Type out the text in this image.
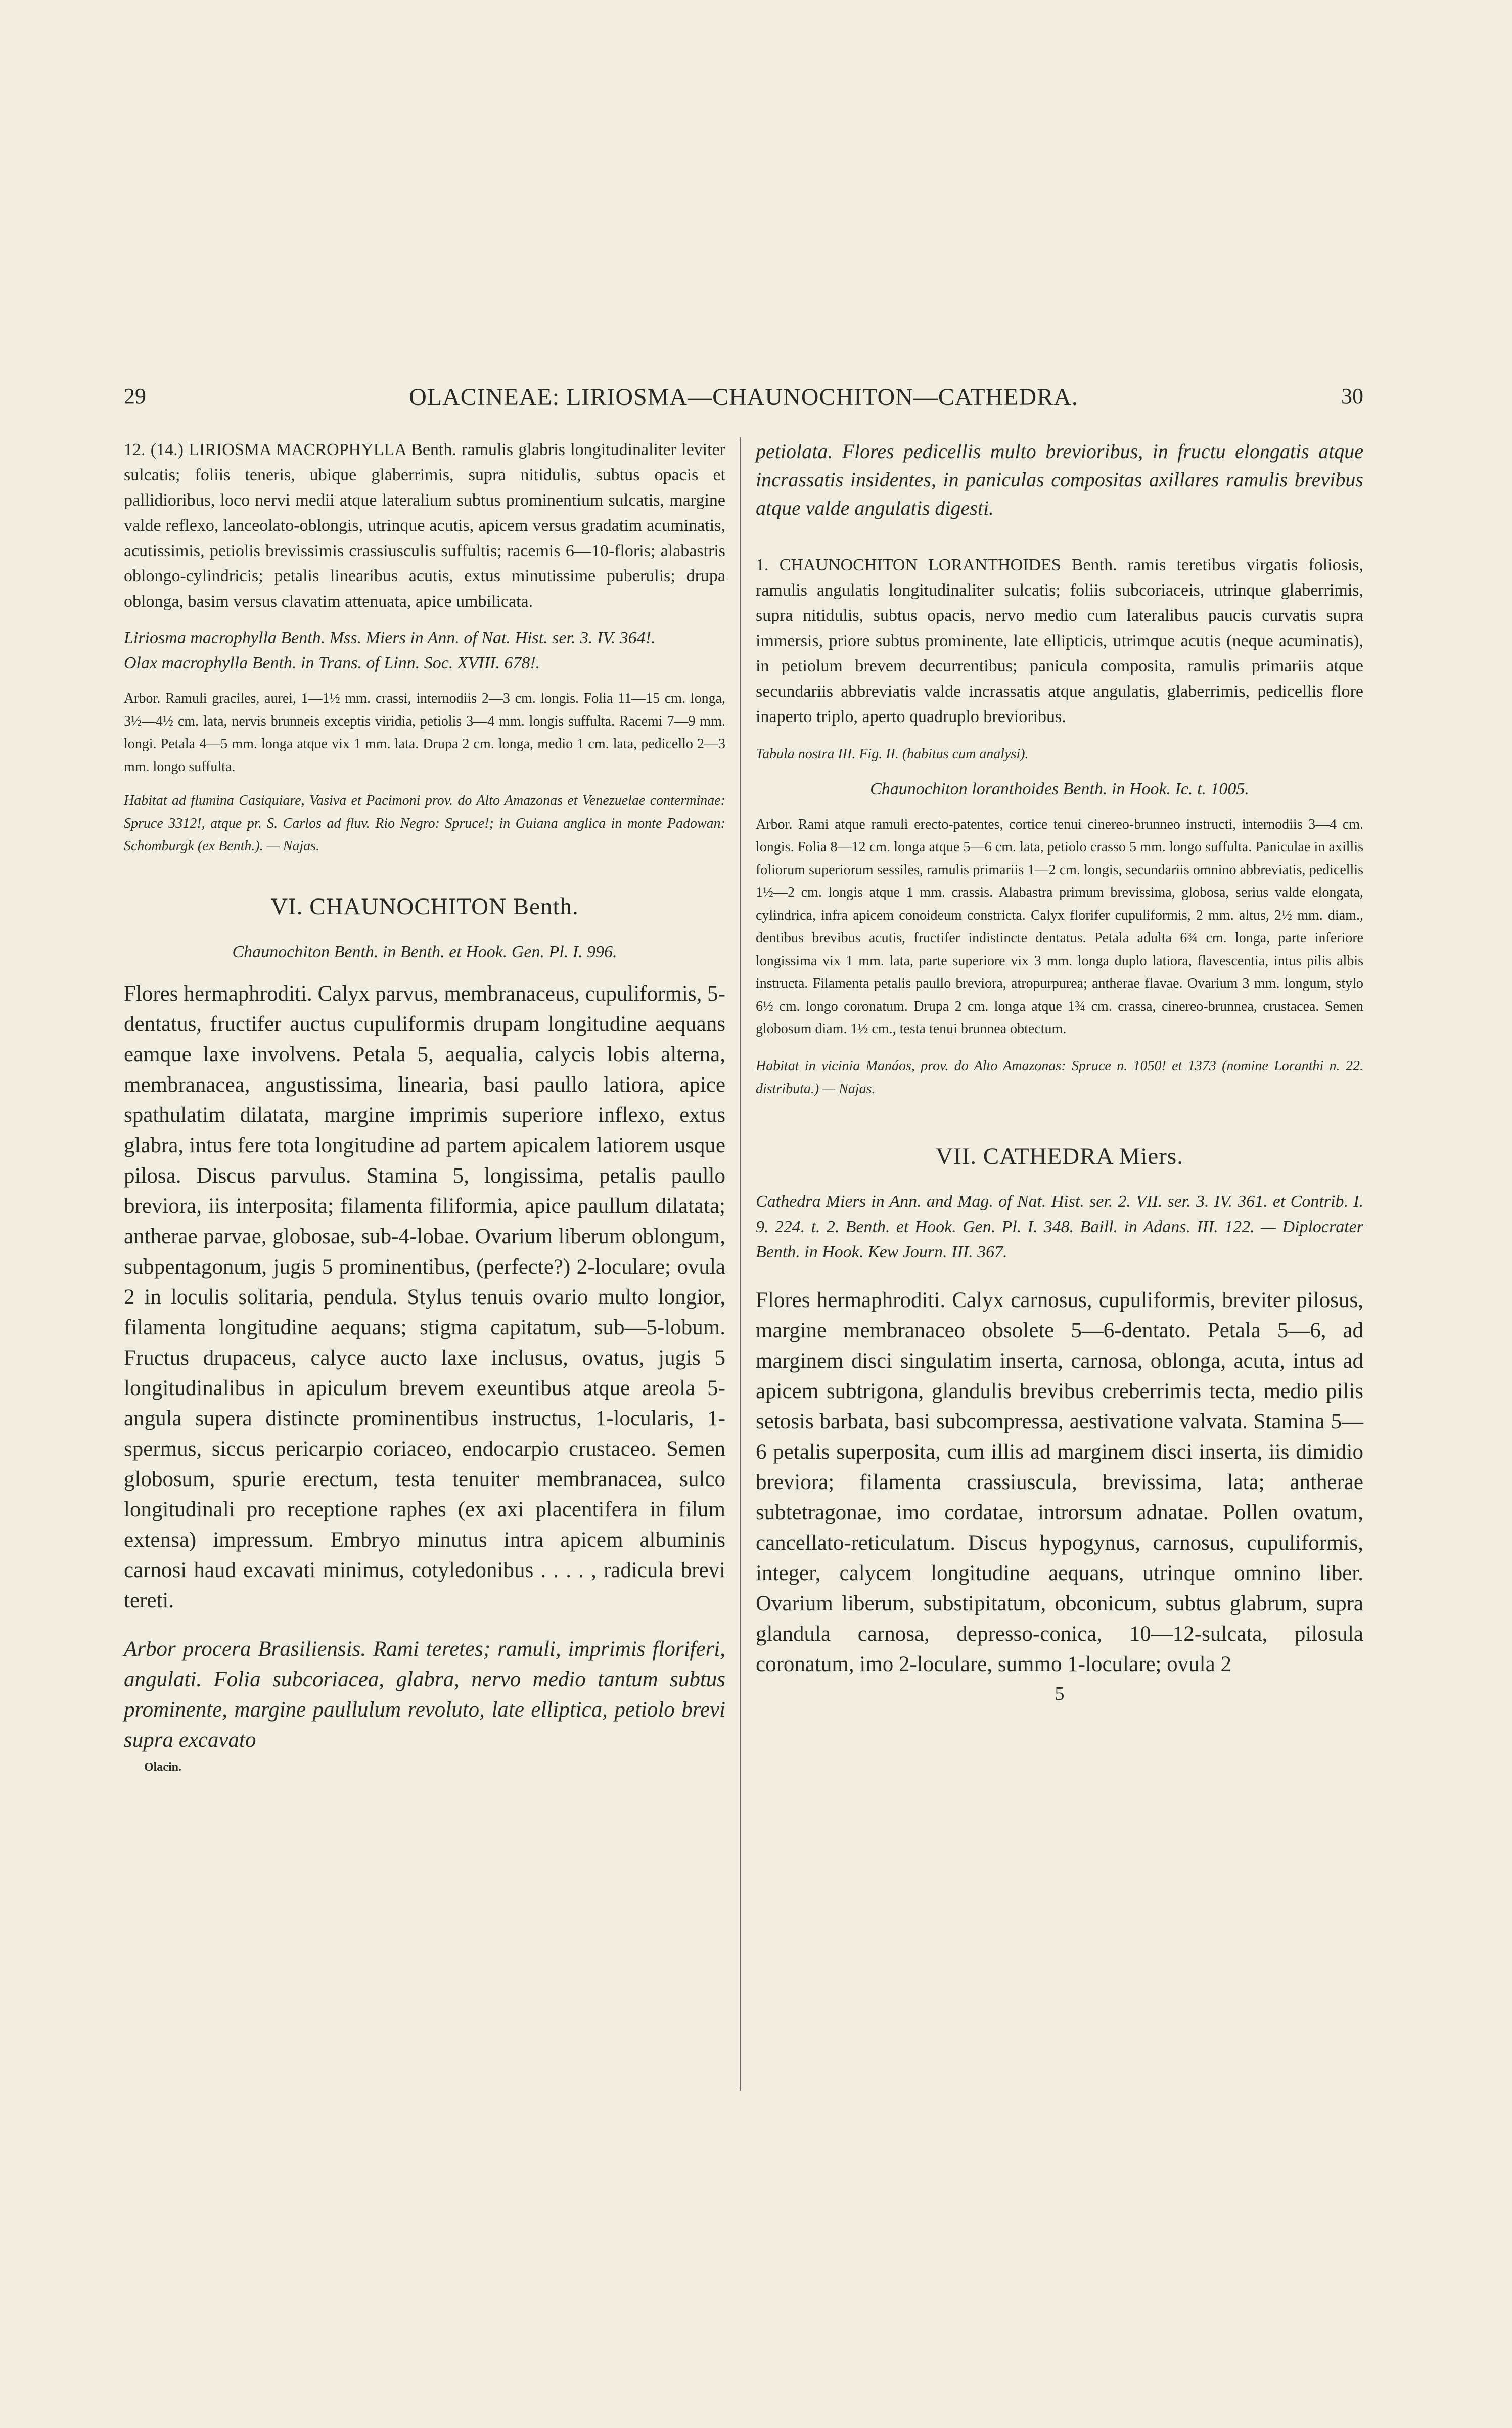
29	OLACINEAE: LIRIOSMA—CHAUNOCHITON—CATHEDRA.	30

12. (14.) LIRIOSMA MACROPHYLLA Benth. ramulis glabris longitudinaliter leviter sulcatis; foliis teneris, ubique glaberrimis, supra nitidulis, subtus opacis et pallidioribus, loco nervi medii atque lateralium subtus prominentium sulcatis, margine valde reflexo, lanceolato-oblongis, utrinque acutis, apicem versus gradatim acuminatis, acutissimis, petiolis brevissimis crassiusculis suffultis; racemis 6—10-floris; alabastris oblongo-cylindricis; petalis linearibus acutis, extus minutissime puberulis; drupa oblonga, basim versus clavatim attenuata, apice umbilicata.

Liriosma macrophylla Benth. Mss. Miers in Ann. of Nat. Hist. ser. 3. IV. 364!.

Olax macrophylla Benth. in Trans. of Linn. Soc. XVIII. 678!.

Arbor. Ramuli graciles, aurei, 1—1½ mm. crassi, internodiis 2—3 cm. longis. Folia 11—15 cm. longa, 3½—4½ cm. lata, nervis brunneis exceptis viridia, petiolis 3—4 mm. longis suffulta. Racemi 7—9 mm. longi. Petala 4—5 mm. longa atque vix 1 mm. lata. Drupa 2 cm. longa, medio 1 cm. lata, pedicello 2—3 mm. longo suffulta.

Habitat ad flumina Casiquiare, Vasiva et Pacimoni prov. do Alto Amazonas et Venezuelae conterminae: Spruce 3312!, atque pr. S. Carlos ad fluv. Rio Negro: Spruce!; in Guiana anglica in monte Padowan: Schomburgk (ex Benth.). — Najas.

VI. CHAUNOCHITON Benth.

Chaunochiton Benth. in Benth. et Hook. Gen. Pl. I. 996.

Flores hermaphroditi. Calyx parvus, membranaceus, cupuliformis, 5-dentatus, fructifer auctus cupuliformis drupam longitudine aequans eamque laxe involvens. Petala 5, aequalia, calycis lobis alterna, membranacea, angustissima, linearia, basi paullo latiora, apice spathulatim dilatata, margine imprimis superiore inflexo, extus glabra, intus fere tota longitudine ad partem apicalem latiorem usque pilosa. Discus parvulus. Stamina 5, longissima, petalis paullo breviora, iis interposita; filamenta filiformia, apice paullum dilatata; antherae parvae, globosae, sub-4-lobae. Ovarium liberum oblongum, subpentagonum, jugis 5 prominentibus, (perfecte?) 2-loculare; ovula 2 in loculis solitaria, pendula. Stylus tenuis ovario multo longior, filamenta longitudine aequans; stigma capitatum, sub—5-lobum. Fructus drupaceus, calyce aucto laxe inclusus, ovatus, jugis 5 longitudinalibus in apiculum brevem exeuntibus atque areola 5-angula supera distincte prominentibus instructus, 1-locularis, 1-spermus, siccus pericarpio coriaceo, endocarpio crustaceo. Semen globosum, spurie erectum, testa tenuiter membranacea, sulco longitudinali pro receptione raphes (ex axi placentifera in filum extensa) impressum. Embryo minutus intra apicem albuminis carnosi haud excavati minimus, cotyledonibus . . . . , radicula brevi tereti.

Arbor procera Brasiliensis. Rami teretes; ramuli, imprimis floriferi, angulati. Folia subcoriacea, glabra, nervo medio tantum subtus prominente, margine paullulum revoluto, late elliptica, petiolo brevi supra excavato

Olacin.

petiolata. Flores pedicellis multo brevioribus, in fructu elongatis atque incrassatis insidentes, in paniculas compositas axillares ramulis brevibus atque valde angulatis digesti.

1. CHAUNOCHITON LORANTHOIDES Benth. ramis teretibus virgatis foliosis, ramulis angulatis longitudinaliter sulcatis; foliis subcoriaceis, utrinque glaberrimis, supra nitidulis, subtus opacis, nervo medio cum lateralibus paucis curvatis supra immersis, priore subtus prominente, late ellipticis, utrimque acutis (neque acuminatis), in petiolum brevem decurrentibus; panicula composita, ramulis primariis atque secundariis abbreviatis valde incrassatis atque angulatis, glaberrimis, pedicellis flore inaperto triplo, aperto quadruplo brevioribus.

Tabula nostra III. Fig. II. (habitus cum analysi).

Chaunochiton loranthoides Benth. in Hook. Ic. t. 1005.

Arbor. Rami atque ramuli erecto-patentes, cortice tenui cinereo-brunneo instructi, internodiis 3—4 cm. longis. Folia 8—12 cm. longa atque 5—6 cm. lata, petiolo crasso 5 mm. longo suffulta. Paniculae in axillis foliorum superiorum sessiles, ramulis primariis 1—2 cm. longis, secundariis omnino abbreviatis, pedicellis 1½—2 cm. longis atque 1 mm. crassis. Alabastra primum brevissima, globosa, serius valde elongata, cylindrica, infra apicem conoideum constricta. Calyx florifer cupuliformis, 2 mm. altus, 2½ mm. diam., dentibus brevibus acutis, fructifer indistincte dentatus. Petala adulta 6¾ cm. longa, parte inferiore longissima vix 1 mm. lata, parte superiore vix 3 mm. longa duplo latiora, flavescentia, intus pilis albis instructa. Filamenta petalis paullo breviora, atropurpurea; antherae flavae. Ovarium 3 mm. longum, stylo 6½ cm. longo coronatum. Drupa 2 cm. longa atque 1¾ cm. crassa, cinereo-brunnea, crustacea. Semen globosum diam. 1½ cm., testa tenui brunnea obtectum.

Habitat in vicinia Manáos, prov. do Alto Amazonas: Spruce n. 1050! et 1373 (nomine Loranthi n. 22. distributa.) — Najas.

VII. CATHEDRA Miers.

Cathedra Miers in Ann. and Mag. of Nat. Hist. ser. 2. VII. ser. 3. IV. 361. et Contrib. I. 9. 224. t. 2. Benth. et Hook. Gen. Pl. I. 348. Baill. in Adans. III. 122. — Diplocrater Benth. in Hook. Kew Journ. III. 367.

Flores hermaphroditi. Calyx carnosus, cupuliformis, breviter pilosus, margine membranaceo obsolete 5—6-dentato. Petala 5—6, ad marginem disci singulatim inserta, carnosa, oblonga, acuta, intus ad apicem subtrigona, glandulis brevibus creberrimis tecta, medio pilis setosis barbata, basi subcompressa, aestivatione valvata. Stamina 5—6 petalis superposita, cum illis ad marginem disci inserta, iis dimidio breviora; filamenta crassiuscula, brevissima, lata; antherae subtetragonae, imo cordatae, introrsum adnatae. Pollen ovatum, cancellato-reticulatum. Discus hypogynus, carnosus, cupuliformis, integer, calycem longitudine aequans, utrinque omnino liber. Ovarium liberum, substipitatum, obconicum, subtus glabrum, supra glandula carnosa, depresso-conica, 10—12-sulcata, pilosula coronatum, imo 2-loculare, summo 1-loculare; ovula 2

5
